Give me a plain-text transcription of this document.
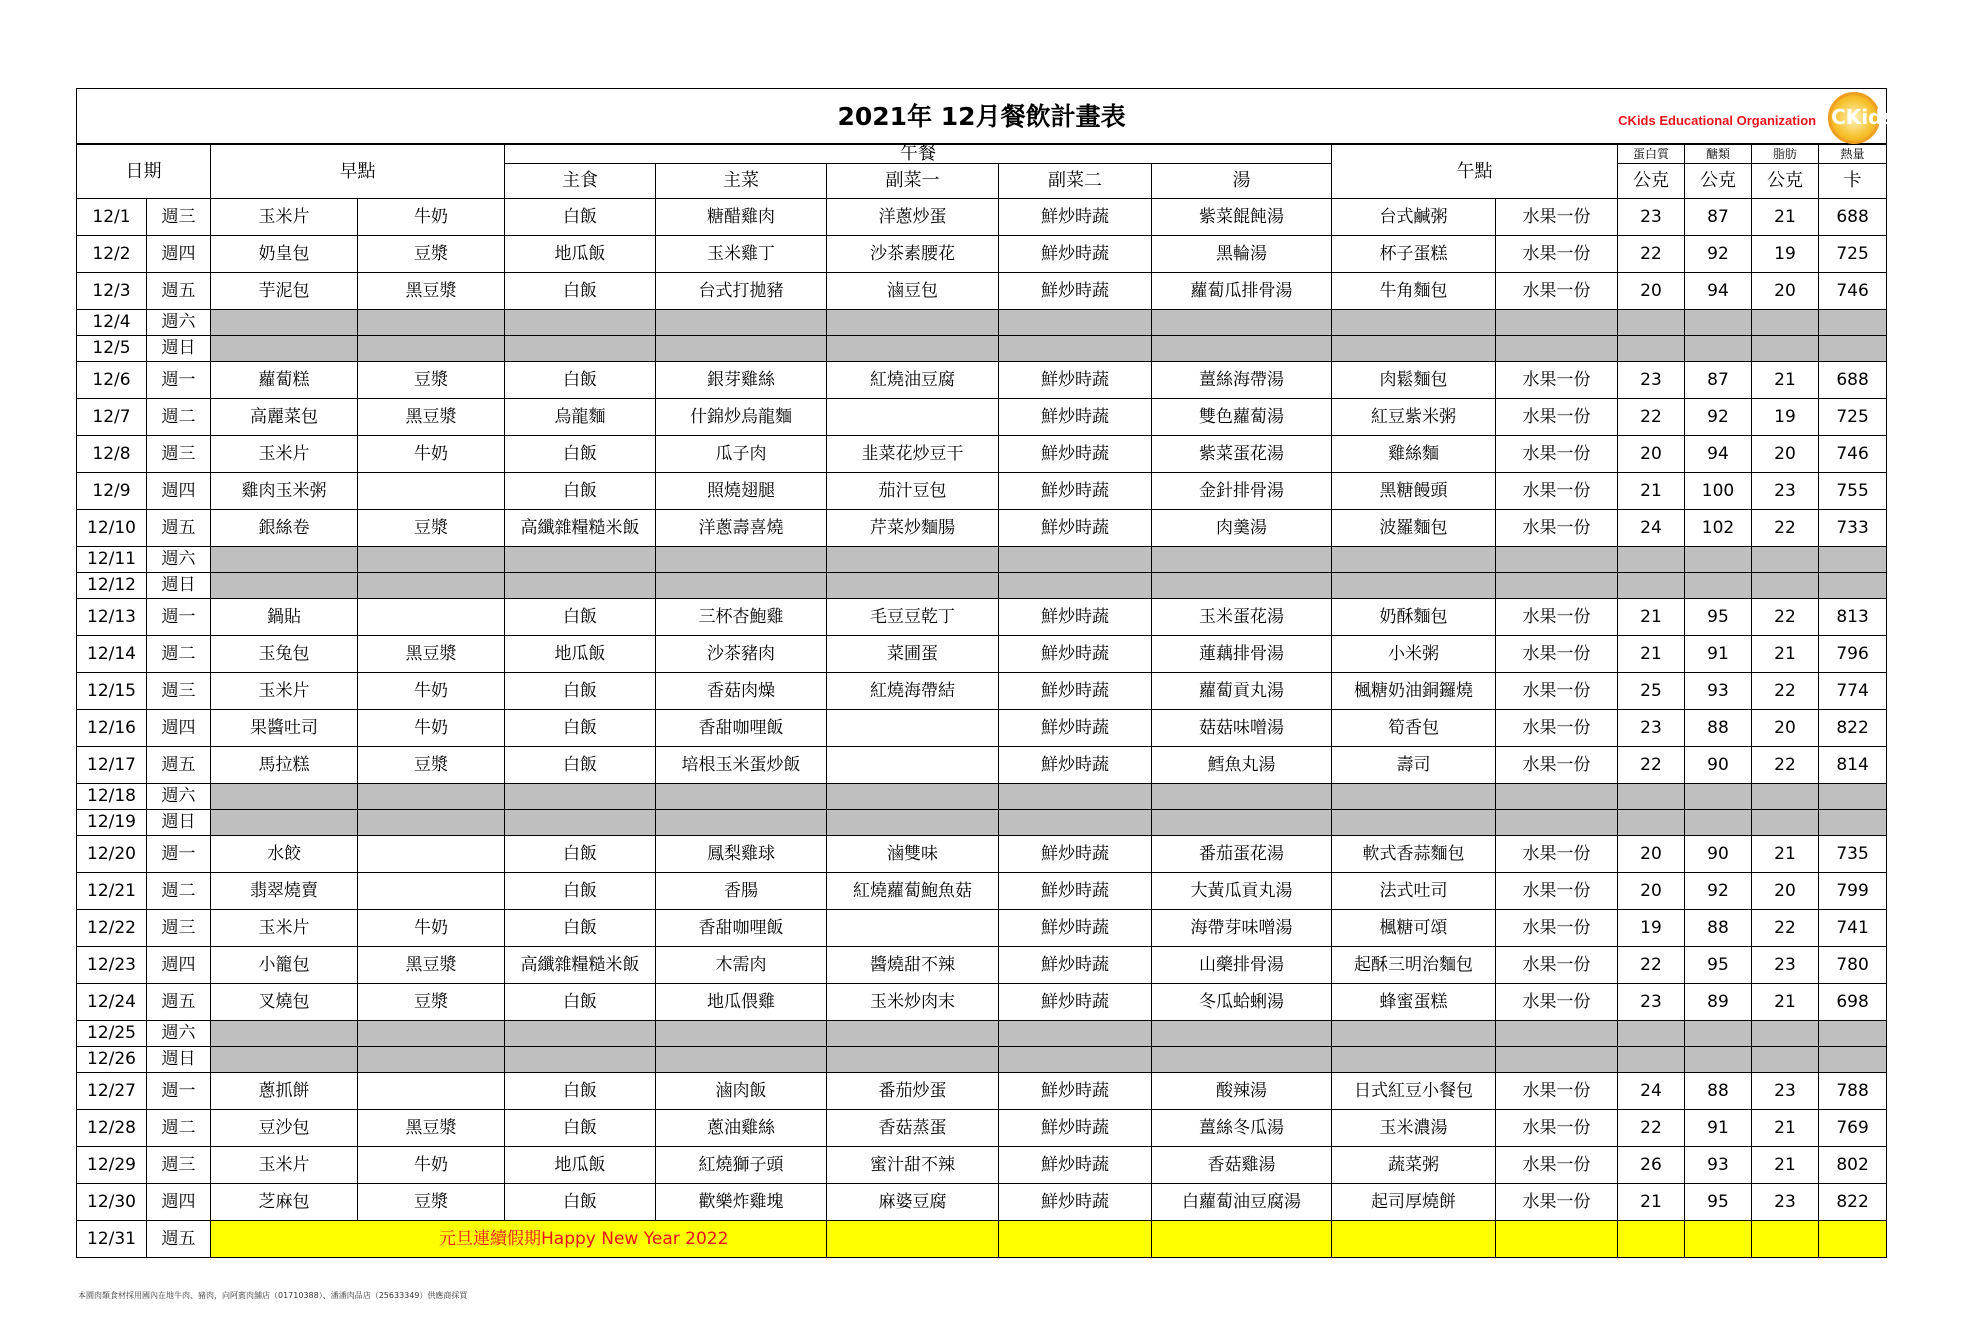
2021年 12月餐飲計畫表 CKids Educational Organization CKids														

日期		早點		午餐					午點		蛋白質	醣類	脂肪	熱量
				主食	主菜	副菜一	副菜二	湯			公克	公克	公克	卡
12/1	週三	玉米片	牛奶	白飯	糖醋雞肉	洋蔥炒蛋	鮮炒時蔬	紫菜餛飩湯	台式鹹粥	水果一份	23	87	21	688
12/2	週四	奶皇包	豆漿	地瓜飯	玉米雞丁	沙茶素腰花	鮮炒時蔬	黑輪湯	杯子蛋糕	水果一份	22	92	19	725
12/3	週五	芋泥包	黑豆漿	白飯	台式打拋豬	滷豆包	鮮炒時蔬	蘿蔔瓜排骨湯	牛角麵包	水果一份	20	94	20	746
12/4	週六													
12/5	週日													
12/6	週一	蘿蔔糕	豆漿	白飯	銀芽雞絲	紅燒油豆腐	鮮炒時蔬	薑絲海帶湯	肉鬆麵包	水果一份	23	87	21	688
12/7	週二	高麗菜包	黑豆漿	烏龍麵	什錦炒烏龍麵		鮮炒時蔬	雙色蘿蔔湯	紅豆紫米粥	水果一份	22	92	19	725
12/8	週三	玉米片	牛奶	白飯	瓜子肉	韭菜花炒豆干	鮮炒時蔬	紫菜蛋花湯	雞絲麵	水果一份	20	94	20	746
12/9	週四	雞肉玉米粥		白飯	照燒翅腿	茄汁豆包	鮮炒時蔬	金針排骨湯	黑糖饅頭	水果一份	21	100	23	755
12/10	週五	銀絲卷	豆漿	高纖雜糧糙米飯	洋蔥壽喜燒	芹菜炒麵腸	鮮炒時蔬	肉羹湯	波羅麵包	水果一份	24	102	22	733
12/11	週六													
12/12	週日													
12/13	週一	鍋貼		白飯	三杯杏鮑雞	毛豆豆乾丁	鮮炒時蔬	玉米蛋花湯	奶酥麵包	水果一份	21	95	22	813
12/14	週二	玉兔包	黑豆漿	地瓜飯	沙茶豬肉	菜圃蛋	鮮炒時蔬	蓮藕排骨湯	小米粥	水果一份	21	91	21	796
12/15	週三	玉米片	牛奶	白飯	香菇肉燥	紅燒海帶結	鮮炒時蔬	蘿蔔貢丸湯	楓糖奶油銅鑼燒	水果一份	25	93	22	774
12/16	週四	果醬吐司	牛奶	白飯	香甜咖哩飯		鮮炒時蔬	菇菇味噌湯	筍香包	水果一份	23	88	20	822
12/17	週五	馬拉糕	豆漿	白飯	培根玉米蛋炒飯		鮮炒時蔬	鱈魚丸湯	壽司	水果一份	22	90	22	814
12/18	週六													
12/19	週日													
12/20	週一	水餃		白飯	鳳梨雞球	滷雙味	鮮炒時蔬	番茄蛋花湯	軟式香蒜麵包	水果一份	20	90	21	735
12/21	週二	翡翠燒賣		白飯	香腸	紅燒蘿蔔鮑魚菇	鮮炒時蔬	大黃瓜貢丸湯	法式吐司	水果一份	20	92	20	799
12/22	週三	玉米片	牛奶	白飯	香甜咖哩飯		鮮炒時蔬	海帶芽味噌湯	楓糖可頌	水果一份	19	88	22	741
12/23	週四	小籠包	黑豆漿	高纖雜糧糙米飯	木需肉	醬燒甜不辣	鮮炒時蔬	山藥排骨湯	起酥三明治麵包	水果一份	22	95	23	780
12/24	週五	叉燒包	豆漿	白飯	地瓜偎雞	玉米炒肉末	鮮炒時蔬	冬瓜蛤蜊湯	蜂蜜蛋糕	水果一份	23	89	21	698
12/25	週六													
12/26	週日													
12/27	週一	蔥抓餅		白飯	滷肉飯	番茄炒蛋	鮮炒時蔬	酸辣湯	日式紅豆小餐包	水果一份	24	88	23	788
12/28	週二	豆沙包	黑豆漿	白飯	蔥油雞絲	香菇蒸蛋	鮮炒時蔬	薑絲冬瓜湯	玉米濃湯	水果一份	22	91	21	769
12/29	週三	玉米片	牛奶	地瓜飯	紅燒獅子頭	蜜汁甜不辣	鮮炒時蔬	香菇雞湯	蔬菜粥	水果一份	26	93	21	802
12/30	週四	芝麻包	豆漿	白飯	歡樂炸雞塊	麻婆豆腐	鮮炒時蔬	白蘿蔔油豆腐湯	起司厚燒餅	水果一份	21	95	23	822
12/31	週五	元旦連續假期Happy New Year 2022												
本園肉類食材採用國內在地牛肉、豬肉，向阿賓肉舖店（01710388）、潘潘肉品店（25633349）供應商採買
